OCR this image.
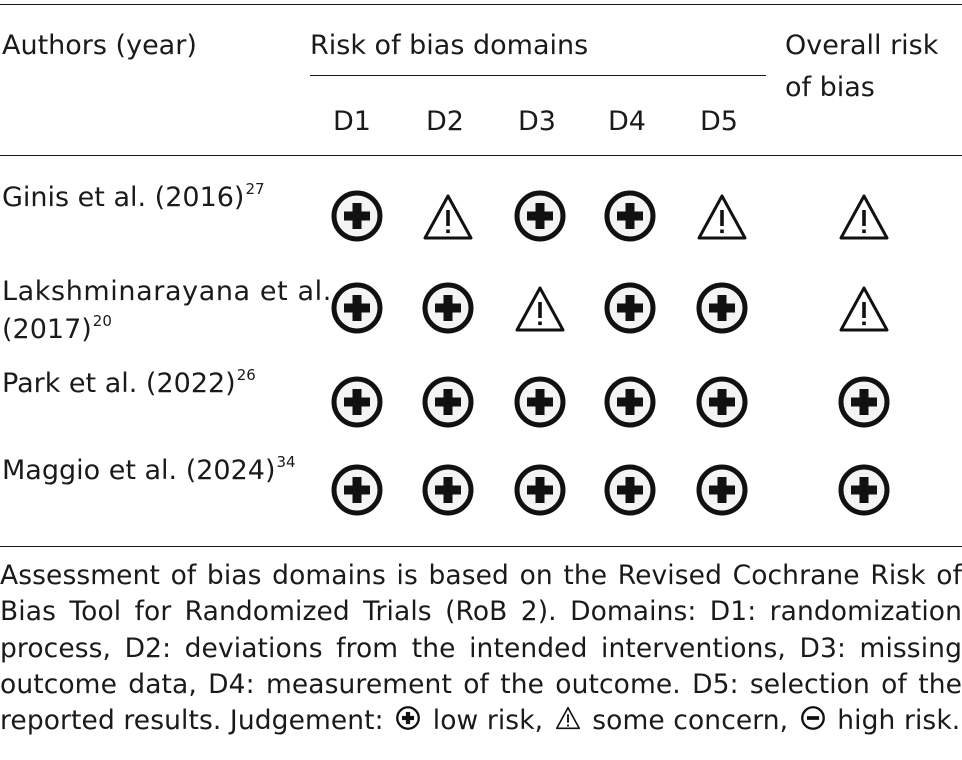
Authors (year)	Risk of bias domains	Overall risk
of bias
D1 D2 D3 D4 D5
Ginis et al. (2016)$^{27}$
Lakshminarayana et al.
(2017)$^{20}$
Park et al. (2022)$^{26}$
Maggio et al. (2024)$^{34}$
Assessment of bias domains is based on the Revised Cochrane Risk of
Bias Tool for Randomized Trials (RoB 2). Domains: D1: randomization
process, D2: deviations from the intended interventions, D3: missing
outcome data, D4: measurement of the outcome. D5: selection of the
reported results. Judgement: low risk, some concern, high risk.
